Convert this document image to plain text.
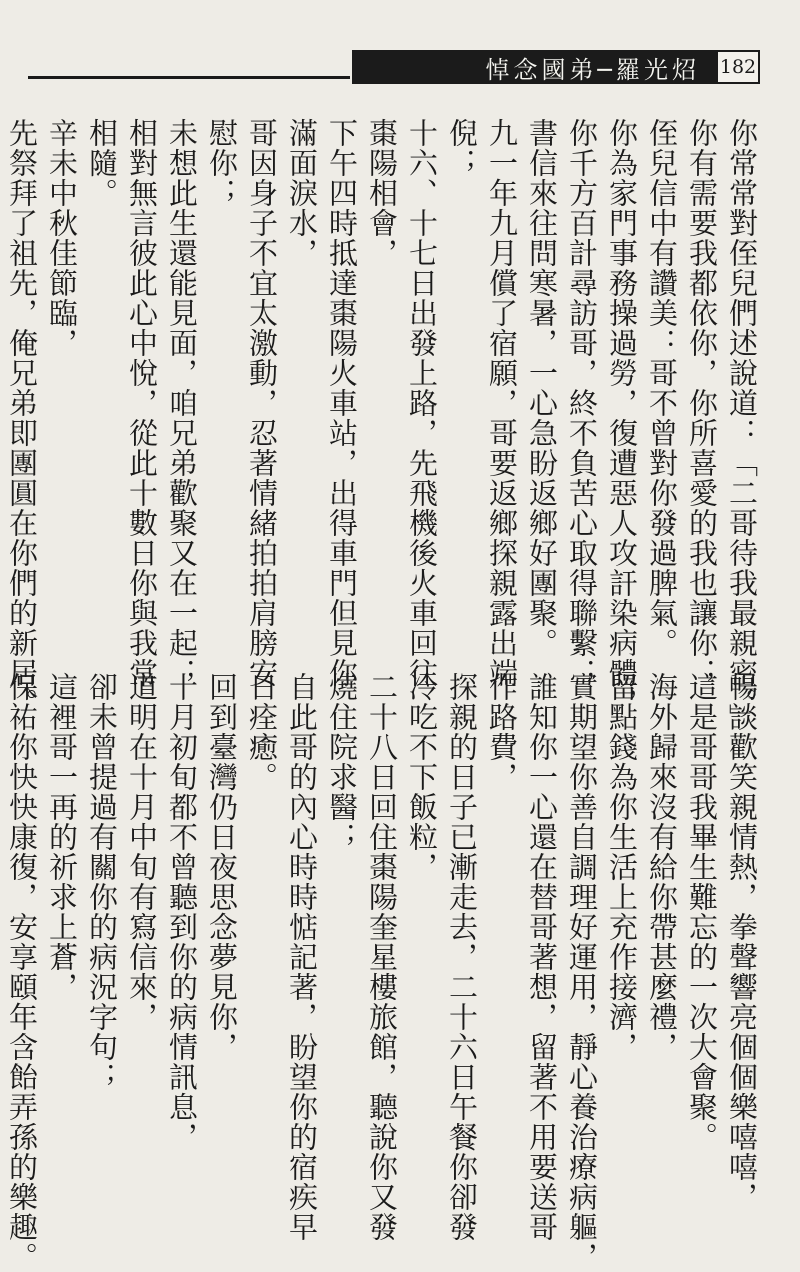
悼念國弟─羅光炤 182
你常常對侄兒們述說道：「二哥待我最親密。」
你有需要我都依你，你所喜愛的我也讓你；
侄兒信中有讚美：哥不曾對你發過脾氣。
你為家門事務操過勞，復遭惡人攻訐染病體，
你千方百計尋訪哥，終不負苦心取得聯繫；
書信來往問寒暑，一心急盼返鄉好團聚。
九一年九月償了宿願，哥要返鄉探親露出端
倪；
十六、十七日出發上路，先飛機後火車回往
棗陽相會，
下午四時抵達棗陽火車站，出得車門但見你
滿面淚水，
哥因身子不宜太激動，忍著情緒拍拍肩膀安
慰你；
未想此生還能見面，咱兄弟歡聚又在一起；
相對無言彼此心中悅，從此十數日你與我常
相隨。
辛未中秋佳節臨，
先祭拜了祖先，俺兄弟即團圓在你們的新居。
暢談歡笑親情熱，拳聲響亮個個樂嘻嘻，
這是哥哥我畢生難忘的一次大會聚。
海外歸來沒有給你帶甚麼禮，
留點錢為你生活上充作接濟，
實期望你善自調理好運用，靜心養治療病軀，
誰知你一心還在替哥著想，留著不用要送哥
作路費，
探親的日子已漸走去，二十六日午餐你卻發
冷吃不下飯粒，
二十八日回住棗陽奎星樓旅館，聽說你又發
燒住院求醫；
自此哥的內心時時惦記著，盼望你的宿疾早
日痊癒。
回到臺灣仍日夜思念夢見你，
十月初旬都不曾聽到你的病情訊息，
道明在十月中旬有寫信來，
卻未曾提過有關你的病況字句；
這裡哥一再的祈求上蒼，
保祐你快快康復，安享頤年含飴弄孫的樂趣。
